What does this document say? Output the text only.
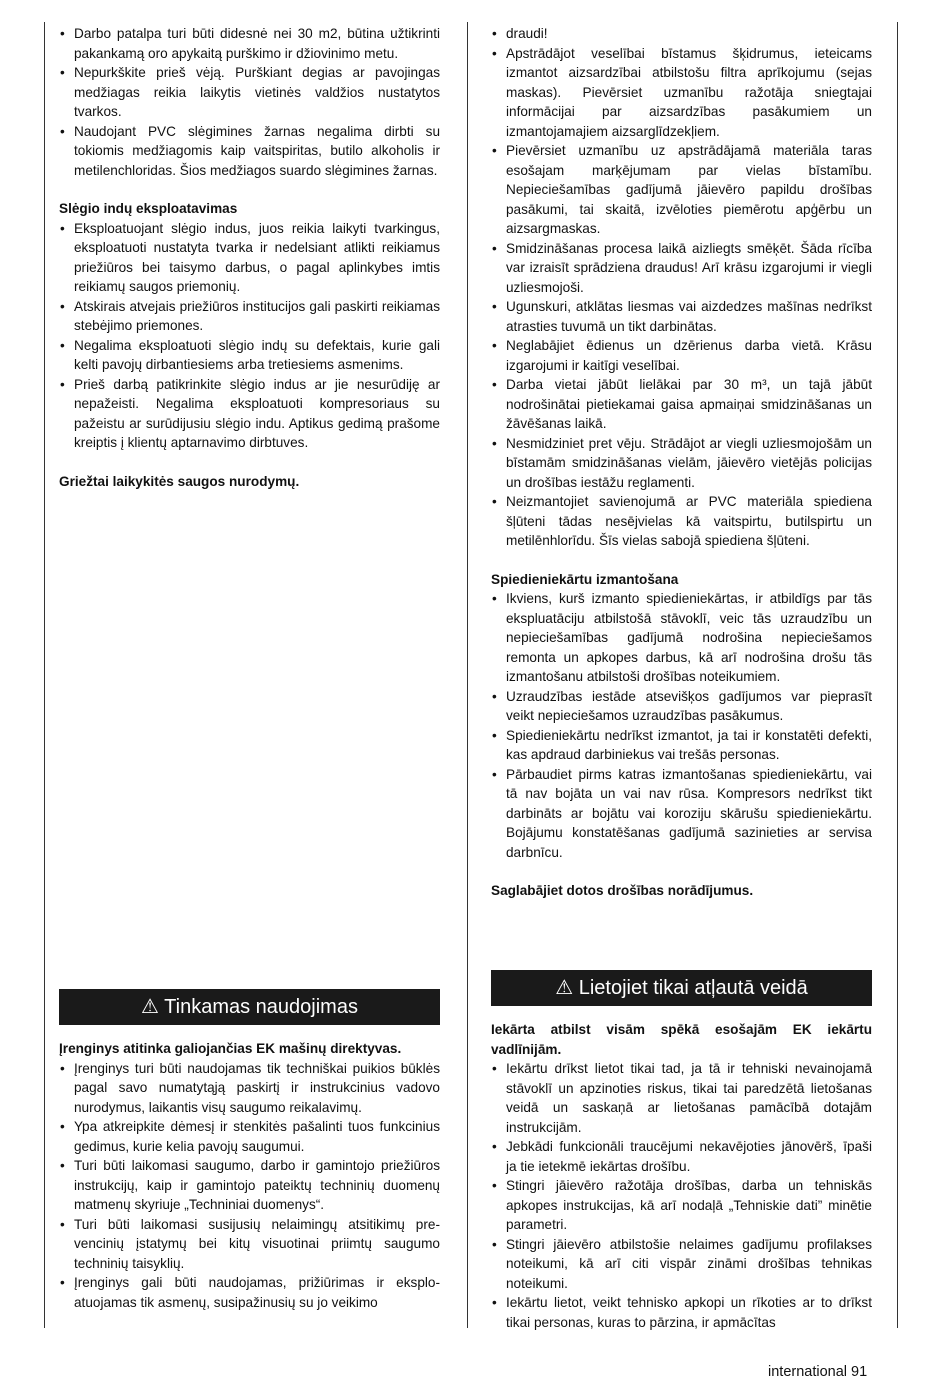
• Darbo patalpa turi būti didesnė nei 30 m2, būtina užtikrinti pakankamą oro apykaitą purškimo ir džiovinimo metu.
• Nepurkškite prieš vėją. Purškiant degias ar pavojingas medžiagas reikia laikytis vietinės valdžios nustatytos tvarkos.
• Naudojant PVC slėgimines žarnas negalima dirbti su tokiomis medžiagomis kaip vaitspiritas, butilo alkoholis ir metilenchloridas. Šios medžiagos suardo slėgimines žarnas.
Slėgio indų eksploatavimas
• Eksploatuojant slėgio indus, juos reikia laikyti tvarkingus, eksploatuoti nustatyta tvarka ir nedelsiant atlikti reikiamus priežiūros bei taisymo darbus, o pagal aplinkybes imtis reikiamų saugos priemonių.
• Atskirais atvejais priežiūros institucijos gali paskirti reikiamas stebėjimo priemones.
• Negalima eksploatuoti slėgio indų su defektais, kurie gali kelti pavojų dirbantiesiems arba tretiesiems asmenims.
• Prieš darbą patikrinkite slėgio indus ar jie nesurūdiję ar nepažeisti. Negalima eksploatuoti kompresoriaus su pažeistu ar surūdijusiu slėgio indu. Aptikus gedimą prašome kreiptis į klientų aptarnavimo dirbtuves.
Griežtai laikykitės saugos nurodymų.
⚠ Tinkamas naudojimas
Įrenginys atitinka galiojančias EK mašinų direktyvas.
• Įrenginys turi būti naudojamas tik techniškai puikios būklės pagal savo numatytąją paskirtį ir instrukcinius vadovo nurodymus, laikantis visų saugumo reikalavimų.
• Ypa atkreipkite dėmesį ir stenkitės pašalinti tuos funkcinius gedimus, kurie kelia pavojų saugumui.
• Turi būti laikomasi saugumo, darbo ir gamintojo priežiūros instrukcijų, kaip ir gamintojo pateiktų techninių duomenų matmenų skyriuje „Techniniai duomenys“.
• Turi būti laikomasi susijusių nelaimingų atsitikimų prevencinių įstatymų bei kitų visuotinai priimtų saugumo techninių taisyklių.
• Įrenginys gali būti naudojamas, prižiūrimas ir eksploatuojamas tik asmenų, susipažinusių su jo veikimo
• draudi!
• Apstrādājot veselībai bīstamus šķidrumus, ieteicams izmantot aizsardzībai atbilstošu filtra aprīkojumu (sejas maskas). Pievērsiet uzmanību ražotāja sniegtajai informācijai par aizsardzības pasākumiem un izmantojamajiem aizsarglīdzekļiem.
• Pievērsiet uzmanību uz apstrādājamā materiāla taras esošajam marķējumam par vielas bīstamību. Nepieciešamības gadījumā jāievēro papildu drošības pasākumi, tai skaitā, izvēloties piemērotu apģērbu un aizsargmaskas.
• Smidzināšanas procesa laikā aizliegts smēķēt. Šāda rīcība var izraisīt sprādziena draudus! Arī krāsu izgarojumi ir viegli uzliesmojoši.
• Ugunskuri, atklātas liesmas vai aizdedzes mašīnas nedrīkst atrasties tuvumā un tikt darbinātas.
• Neglabājiet ēdienus un dzērienus darba vietā. Krāsu izgarojumi ir kaitīgi veselībai.
• Darba vietai jābūt lielākai par 30 m³, un tajā jābūt nodrošinātai pietiekamai gaisa apmaiņai smidzināšanas un žāvēšanas laikā.
• Nesmidziniet pret vēju. Strādājot ar viegli uzliesmojošām un bīstamām smidzināšanas vielām, jāievēro vietējās policijas un drošības iestāžu reglamenti.
• Neizmantojiet savienojumā ar PVC materiāla spiediena šļūteni tādas nesējvielas kā vaitspirtu, butilspirtu un metilēnhlorīdu. Šīs vielas sabojā spiediena šļūteni.
Spiedieniekārtu izmantošana
• Ikviens, kurš izmanto spiedieniekārtas, ir atbildīgs par tās ekspluatāciju atbilstošā stāvoklī, veic tās uzraudzību un nepieciešamības gadījumā nodrošina nepieciešamos remonta un apkopes darbus, kā arī nodrošina drošu tās izmantošanu atbilstoši drošības noteikumiem.
• Uzraudzības iestāde atsevišķos gadījumos var pieprasīt veikt nepieciešamos uzraudzības pasākumus.
• Spiedieniekārtu nedrīkst izmantot, ja tai ir konstatēti defekti, kas apdraud darbiniekus vai trešās personas.
• Pārbaudiet pirms katras izmantošanas spiedieniekārtu, vai tā nav bojāta un vai nav rūsa. Kompresors nedrīkst tikt darbināts ar bojātu vai koroziju skārušu spiedieniekārtu. Bojājumu konstatēšanas gadījumā sazinieties ar servisa darbnīcu.
Saglabājiet dotos drošības norādījumus.
⚠ Lietojiet tikai atļautā veidā
Iekārta atbilst visām spēkā esošajām EK iekārtu vadlīnijām.
• Iekārtu drīkst lietot tikai tad, ja tā ir tehniski nevainojamā stāvoklī un apzinoties riskus, tikai tai paredzētā lietošanas veidā un saskaņā ar lietošanas pamācībā dotajām instrukcijām.
• Jebkādi funkcionāli traucējumi nekavējoties jānovērš, īpaši ja tie ietekmē iekārtas drošību.
• Stingri jāievēro ražotāja drošības, darba un tehniskās apkopes instrukcijas, kā arī nodaļā „Tehniskie dati” minētie parametri.
• Stingri jāievēro atbilstošie nelaimes gadījumu profilakses noteikumi, kā arī citi vispār zināmi drošības tehnikas noteikumi.
• Iekārtu lietot, veikt tehnisko apkopi un rīkoties ar to drīkst tikai personas, kuras to pārzina, ir apmācītas
international 91
